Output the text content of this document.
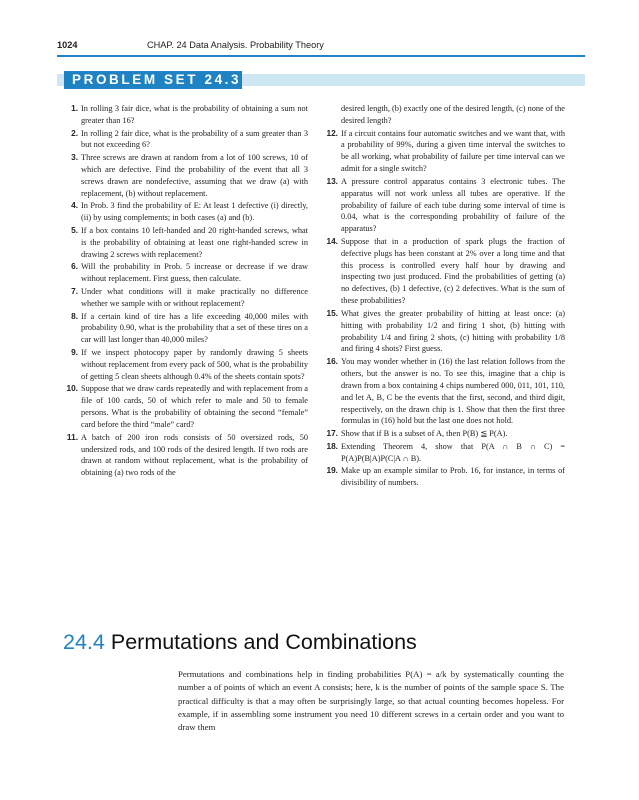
1024	CHAP. 24 Data Analysis. Probability Theory
PROBLEM SET 24.3
1. In rolling 3 fair dice, what is the probability of obtaining a sum not greater than 16?
2. In rolling 2 fair dice, what is the probability of a sum greater than 3 but not exceeding 6?
3. Three screws are drawn at random from a lot of 100 screws, 10 of which are defective. Find the probability of the event that all 3 screws drawn are nondefective, assuming that we draw (a) with replacement, (b) without replacement.
4. In Prob. 3 find the probability of E: At least 1 defective (i) directly, (ii) by using complements; in both cases (a) and (b).
5. If a box contains 10 left-handed and 20 right-handed screws, what is the probability of obtaining at least one right-handed screw in drawing 2 screws with replacement?
6. Will the probability in Prob. 5 increase or decrease if we draw without replacement. First guess, then calculate.
7. Under what conditions will it make practically no difference whether we sample with or without replacement?
8. If a certain kind of tire has a life exceeding 40,000 miles with probability 0.90, what is the probability that a set of these tires on a car will last longer than 40,000 miles?
9. If we inspect photocopy paper by randomly drawing 5 sheets without replacement from every pack of 500, what is the probability of getting 5 clean sheets although 0.4% of the sheets contain spots?
10. Suppose that we draw cards repeatedly and with replacement from a file of 100 cards, 50 of which refer to male and 50 to female persons. What is the probability of obtaining the second “female” card before the third “male” card?
11. A batch of 200 iron rods consists of 50 oversized rods, 50 undersized rods, and 100 rods of the desired length. If two rods are drawn at random without replacement, what is the probability of obtaining (a) two rods of the
desired length, (b) exactly one of the desired length, (c) none of the desired length?
12. If a circuit contains four automatic switches and we want that, with a probability of 99%, during a given time interval the switches to be all working, what probability of failure per time interval can we admit for a single switch?
13. A pressure control apparatus contains 3 electronic tubes. The apparatus will not work unless all tubes are operative. If the probability of failure of each tube during some interval of time is 0.04, what is the corresponding probability of failure of the apparatus?
14. Suppose that in a production of spark plugs the fraction of defective plugs has been constant at 2% over a long time and that this process is controlled every half hour by drawing and inspecting two just produced. Find the probabilities of getting (a) no defectives, (b) 1 defective, (c) 2 defectives. What is the sum of these probabilities?
15. What gives the greater probability of hitting at least once: (a) hitting with probability 1/2 and firing 1 shot, (b) hitting with probability 1/4 and firing 2 shots, (c) hitting with probability 1/8 and firing 4 shots? First guess.
16. You may wonder whether in (16) the last relation follows from the others, but the answer is no. To see this, imagine that a chip is drawn from a box containing 4 chips numbered 000, 011, 101, 110, and let A, B, C be the events that the first, second, and third digit, respectively, on the drawn chip is 1. Show that then the first three formulas in (16) hold but the last one does not hold.
17. Show that if B is a subset of A, then P(B) ≦ P(A).
18. Extending Theorem 4, show that P(A ∩ B ∩ C) = P(A)P(B|A)P(C|A ∩ B).
19. Make up an example similar to Prob. 16, for instance, in terms of divisibility of numbers.
24.4 Permutations and Combinations
Permutations and combinations help in finding probabilities P(A) = a/k by systematically counting the number a of points of which an event A consists; here, k is the number of points of the sample space S. The practical difficulty is that a may often be surprisingly large, so that actual counting becomes hopeless. For example, if in assembling some instrument you need 10 different screws in a certain order and you want to draw them
